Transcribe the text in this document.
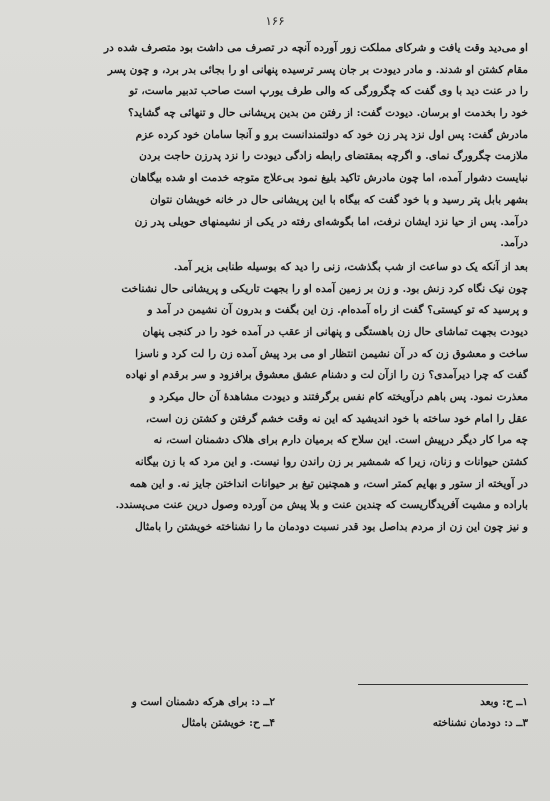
۱۶۶
او می‌دید وقت یافت و شرکای مملکت زور آورده آنچه در تصرف می داشت بود متصرف شده در
مقام کشتن او شدند. و مادر دیودت بر جان پسر ترسیده پنهانی او را بجائی بدر برد، و چون پسر
را در عنت دید با وی گفت که چگرورگی که والی طرف یورپ است صاحب تدبیر ماست، تو
خود را بخدمت او برسان. دیودت گفت: از رفتن من بدین پریشانی حال و تنهائی چه گشاید؟
مادرش گفت: پس اول نزد پدر زن خود که دولتمندانست برو و آنجا سامان خود کرده عزم
ملازمت چگرورگ نمای. و اگرچه بمقتضای رابطه زادگی دیودت را نزد پدرزن حاجت بردن
نبایست دشوار آمده، اما چون مادرش تاکید بلیغ نمود بی‌علاج متوجه خدمت او شده بیگاهان
بشهر بابل پتر رسید و با خود گفت که بیگاه با این پریشانی حال در خانه خویشان نتوان
درآمد. پس از حیا نزد ایشان نرفت، اما بگوشه‌ای رفته در یکی از نشیمنهای حویلی پدر زن
درآمد.
بعد از آنکه یک دو ساعت از شب بگذشت، زنی را دید که بوسیله طنابی بزیر آمد.
چون نیک نگاه کرد زنش بود. و زن بر زمین آمده او را بجهت تاریکی و پریشانی حال نشناخت
و پرسید که تو کیستی؟ گفت از راه آمده‌ام. زن این بگفت و بدرون آن نشیمن در آمد و
دیودت بجهت تماشای حال زن باهستگی و پنهانی از عقب در آمده خود را در کنجی پنهان
ساخت و معشوق زن که در آن نشیمن انتظار او می برد پیش آمده زن را لت کرد و ناسزا
گفت که چرا دیرآمدی؟ زن را ازآن لت و دشنام عشق معشوق برافزود و سر برقدم او نهاده
معذرت نمود. پس باهم درآویخته کام نفس برگرفتند و دیودت مشاهدهٔ آن حال میکرد و
عقل را امام خود ساخته با خود اندیشید که این نه وقت خشم گرفتن و کشتن زن است،
چه مرا کار دیگر درپیش است. این سلاح که برمیان دارم برای هلاک دشمنان است، نه
کشتن حیوانات و زنان، زیرا که شمشیر بر زن راندن روا نیست. و این مرد که با زن بیگانه
در آویخته از ستور و بهایم کمتر است، و همچنین تیغ بر حیوانات انداختن جایز نه. و این همه
باراده و مشیت آفریدگاریست که چندین عنت و بلا پیش من آورده وصول درین عنت می‌پسندد.
و نیز چون این زن از مردم بداصل بود قدر نسبت دودمان ما را نشناخته خویشتن را بامثال
۱ــ ح: وبعد
۲ــ د: برای هرکه دشمنان است و
۳ــ د: دودمان نشناخته
۴ــ ح: خویشتن بامثال
